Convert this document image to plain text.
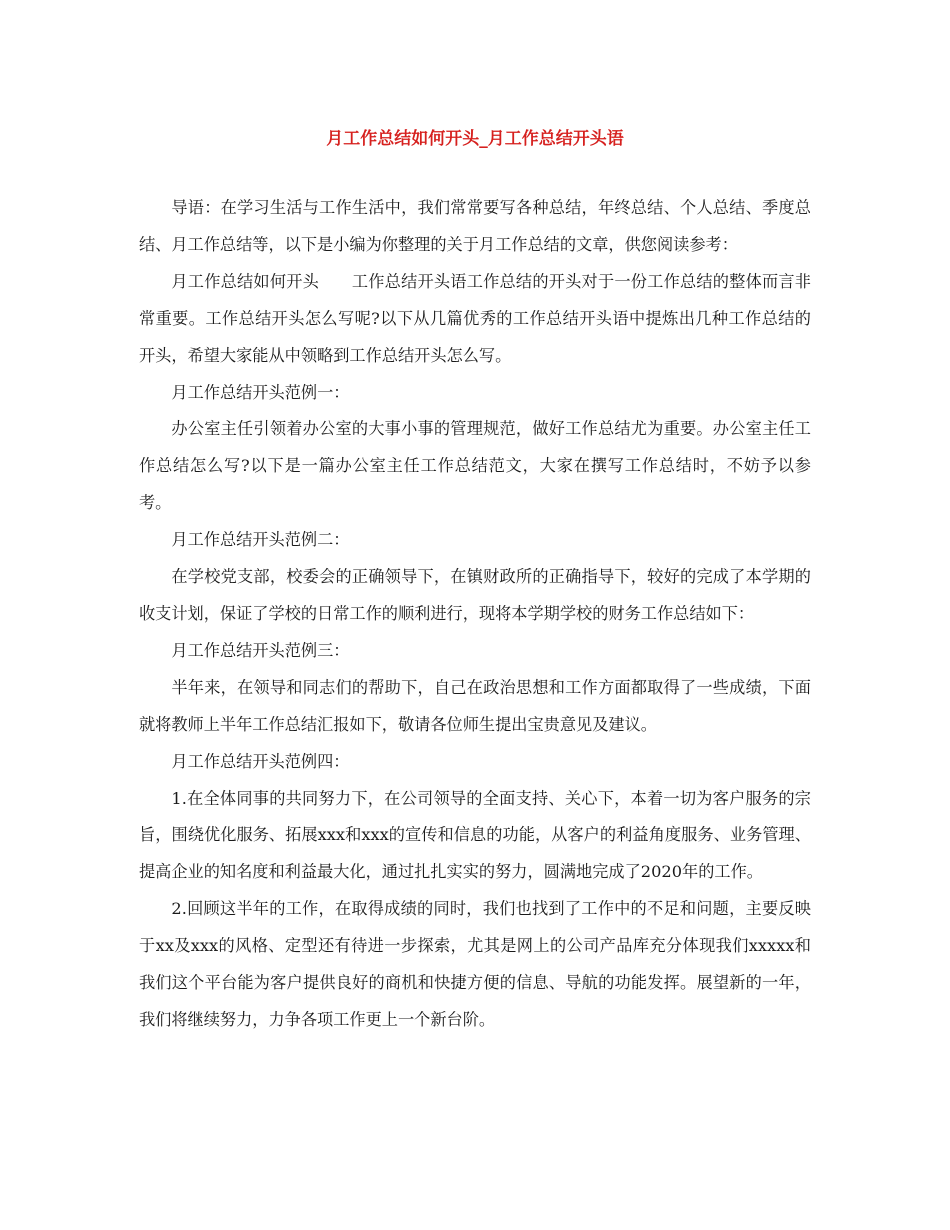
月工作总结如何开头_月工作总结开头语

导语：在学习生活与工作生活中，我们常常要写各种总结，年终总结、个人总结、季度总结、月工作总结等，以下是小编为你整理的关于月工作总结的文章，供您阅读参考：

月工作总结如何开头　　工作总结开头语工作总结的开头对于一份工作总结的整体而言非常重要。工作总结开头怎么写呢?以下从几篇优秀的工作总结开头语中提炼出几种工作总结的开头，希望大家能从中领略到工作总结开头怎么写。

月工作总结开头范例一：

办公室主任引领着办公室的大事小事的管理规范，做好工作总结尤为重要。办公室主任工作总结怎么写?以下是一篇办公室主任工作总结范文，大家在撰写工作总结时，不妨予以参考。

月工作总结开头范例二：

在学校党支部，校委会的正确领导下，在镇财政所的正确指导下，较好的完成了本学期的收支计划，保证了学校的日常工作的顺利进行，现将本学期学校的财务工作总结如下：

月工作总结开头范例三：

半年来，在领导和同志们的帮助下，自己在政治思想和工作方面都取得了一些成绩，下面就将教师上半年工作总结汇报如下，敬请各位师生提出宝贵意见及建议。

月工作总结开头范例四：

1.在全体同事的共同努力下，在公司领导的全面支持、关心下，本着一切为客户服务的宗旨，围绕优化服务、拓展xxx和xxx的宣传和信息的功能，从客户的利益角度服务、业务管理、提高企业的知名度和利益最大化，通过扎扎实实的努力，圆满地完成了2020年的工作。

2.回顾这半年的工作，在取得成绩的同时，我们也找到了工作中的不足和问题，主要反映于xx及xxx的风格、定型还有待进一步探索，尤其是网上的公司产品库充分体现我们xxxxx和我们这个平台能为客户提供良好的商机和快捷方便的信息、导航的功能发挥。展望新的一年，我们将继续努力，力争各项工作更上一个新台阶。
